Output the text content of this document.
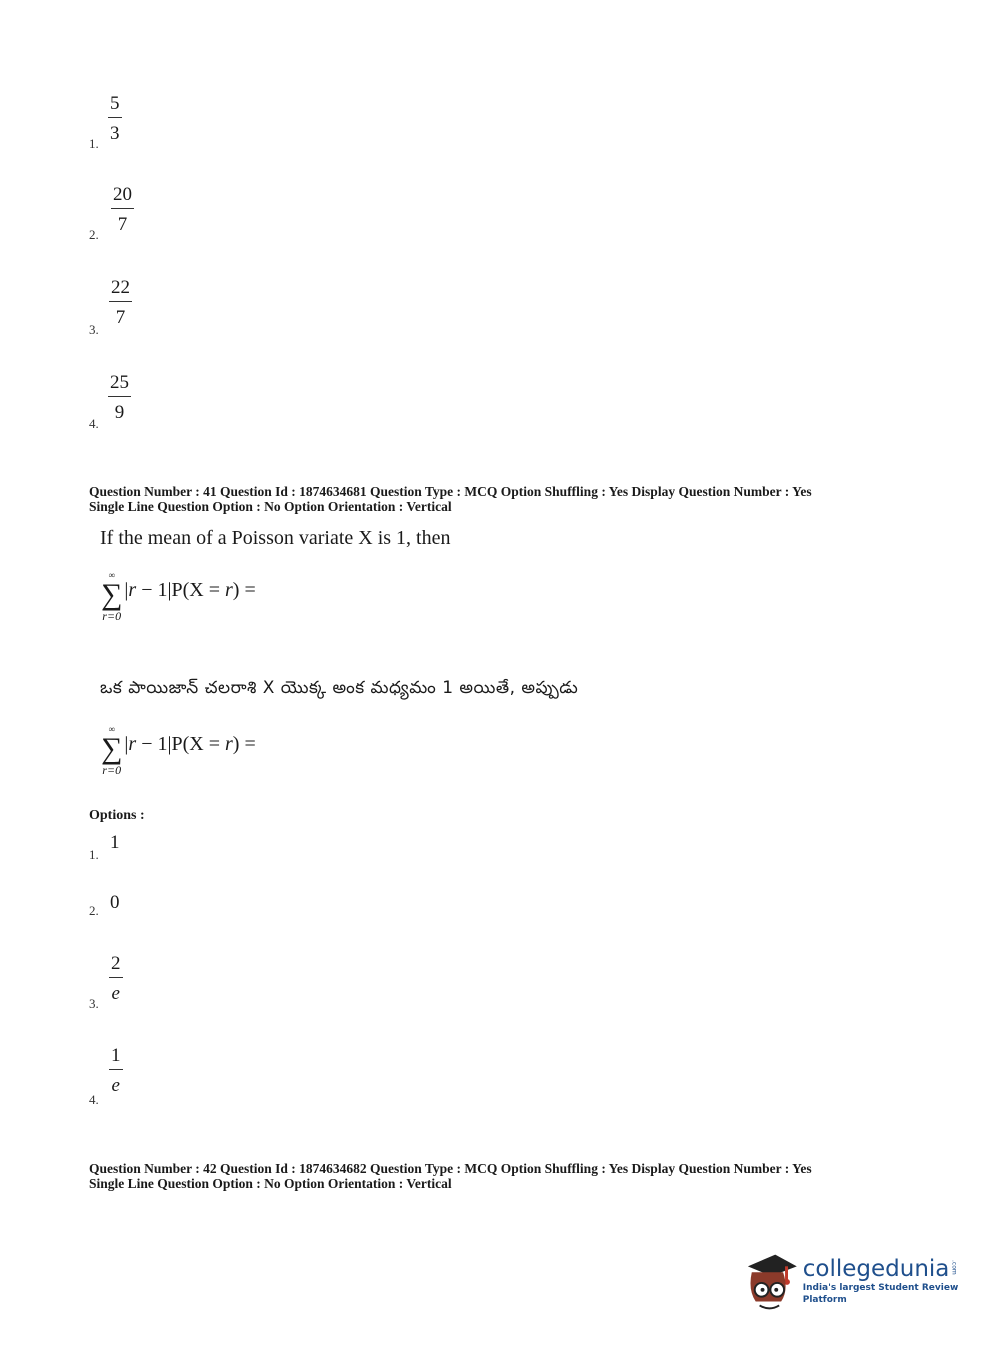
1.
5
3
2.
20
7
3.
22
7
4.
25
9
Question Number : 41 Question Id : 1874634681 Question Type : MCQ Option Shuffling : Yes Display Question Number : Yes
Single Line Question Option : No Option Orientation : Vertical
If the mean of a Poisson variate X is 1, then
∞
∑
r=0
|r − 1|P(X = r) =
ఒక పాయిజాన్ చలరాశి X యొక్క అంక మధ్యమం 1 అయితే, అప్పుడు
∞
∑
r=0
|r − 1|P(X = r) =
Options :
1.
1
2. 0
3.
2
e
4.
1
e
Question Number : 42 Question Id : 1874634682 Question Type : MCQ Option Shuffling : Yes Display Question Number : Yes
Single Line Question Option : No Option Orientation : Vertical
collegedunia .com
India's largest Student Review Platform
